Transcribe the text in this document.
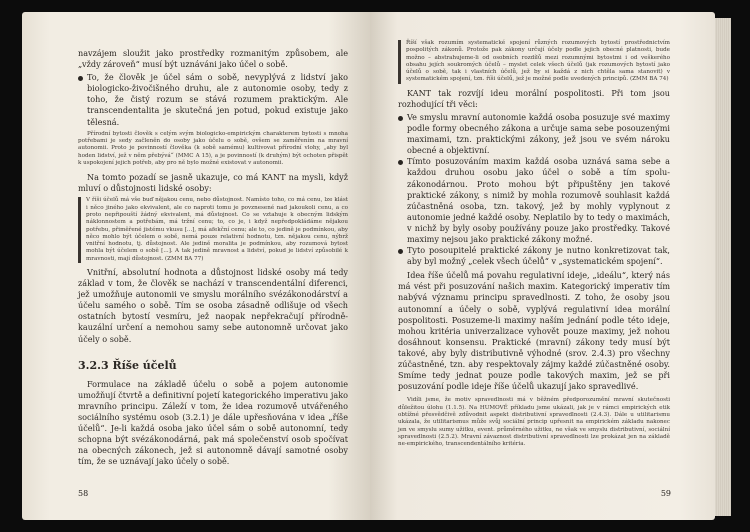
navzájem sloužit jako prostředky rozmanitým způsobem, ale „vždy zároveň“ musí být uznáváni jako účel o sobě.

To, že člověk je účel sám o sobě, nevyplývá z lidství jako biologicko-živočišného druhu, ale z autonomie osoby, tedy z toho, že čistý rozum se stává rozumem praktickým. Ale transcendentalita je skutečná jen potud, pokud existuje jako tělesná.

Přírodní bytosti člověk s celým svým biologicko-empirickým charakterem bytosti s mnoha potřebami je sedy začleněn do osoby jako účelu o sobě, ovšem se zaměřením na mravní autonomii. Proto je povinností člověka (k sobě samému) kultivovat přírodní vlohy, „aby byl hoden lidství, jež v něm přebývá“ (MMC A 15), a je povinností (k druhým) být ochoten přispět k uspokojení jejich potřeb, aby pro ně bylo možné existovat v autonomii.

Na tomto pozadí se jasně ukazuje, co má KANT na mysli, když mluví o důstojnosti lidské osoby:

V říši účelů má vše buď nějakou cenu, nebo důstojnost. Namísto toho, co má cenu, lze klást i něco jiného jako ekvivalent, ale co naproti tomu je povznesené nad jakoukoli cenu, a co proto nepřipouští žádný ekvivalent, má důstojnost. Co se vztahuje k obecným lidským náklonnostem a potřebám, má tržní cenu; to, co je, i když nepředpokládáme nějakou potřebu, přiměřené jistému vkusu [...], má afekční cenu; ale to, co jedině je podmínkou, aby něco mohlo být účelem o sobě, nemá pouze relativní hodnotu, tzn. nějakou cenu, nýbrž vnitřní hodnotu, tj. důstojnost. Ale jedině moralita je podmínkou, aby rozumová bytost mohla být účelem o sobě [...]. A tak jedině mravnost a lidství, pokud je lidství způsobilé k mravnosti, mají důstojnost. (ZMM BA 77)

Vnitřní, absolutní hodnota a důstojnost lidské osoby má tedy základ v tom, že člověk se nachází v transcendentální diferenci, jež umožňuje autonomii ve smyslu morálního svézákonodárství a účelu samého o sobě. Tím se osoba zásadně odlišuje od všech ostatních bytostí vesmíru, jež naopak nepřekračují přírodně-kauzální určení a nemohou samy sebe autonomně určovat jako účely o sobě.

3.2.3 Říše účelů

Formulace na základě účelu o sobě a pojem autonomie umožňují čtvrtě a definitivní pojetí kategorického imperativu jako mravního principu. Záleží v tom, že idea rozumově utvářeného sociálního systému osob (3.2.1) je dále upřesňována v idea „říše účelů“. Je-li každá osoba jako účel sám o sobě autonomní, tedy schopna být svézákonodárná, pak má společenství osob spočívat na obecných zákonech, jež si autonomně dávají samotné osoby tím, že se uznávají jako účely o sobě.

58

Říší však rozumím systematické spojení různých rozumových bytostí prostřednictvím pospolitých zákonů. Protože pak zákony určují účely podle jejich obecné platnosti, bude možno – abstrahujeme-li od osobních rozdílů mezi rozumnými bytostmi i od veškerého obsahu jejích soukromých účelů – myslet celek všech účelů (jak rozumových bytostí jako účelů o sobě, tak i vlastních účelů, jež by si každá z nich chtěla sama stanovit) v systematickém spojení, tzn. říši účelů, jež je možné podle uvedených principů. (ZMM BA 74)

KANT tak rozvíjí ideu morální pospolitosti. Při tom jsou rozhodující tři věci:

Ve smyslu mravní autonomie každá osoba posuzuje své maximy podle formy obecného zákona a určuje sama sebe posouzenými maximami, tzn. praktickými zákony, jež jsou ve svém nároku obecné a objektivní.
Tímto posuzováním maxim každá osoba uznává sama sebe a každou druhou osobu jako účel o sobě a tím spolu-zákonodárnou. Proto mohou být připuštěny jen takové praktické zákony, s nimiž by mohla rozumově souhlasit každá zúčastněná osoba, tzn. takový, jež by mohly vyplynout z autonomie jedné každé osoby. Neplatilo by to tedy o maximách, v nichž by byly osoby používány pouze jako prostředky. Takové maximy nejsou jako praktické zákony možné.
Tyto posoupitelé praktické zákony je nutno konkretizovat tak, aby byl možný „celek všech účelů“ v „systematickém spojení“.

Idea říše účelů má povahu regulativní ideje, „ideálu“, který nás má vést při posuzování našich maxim. Kategorický imperativ tím nabývá významu principu spravedlnosti. Z toho, že osoby jsou autonomní a účely o sobě, vyplývá regulativní idea morální pospolitosti. Posuzeme-li maximy naším jednání podle této ideje, mohou kritéria univerzalizace vyhovět pouze maximy, jež nohou dosáhnout konsensu. Praktické (mravní) zákony tedy musí být takové, aby byly distributivně výhodné (srov. 2.4.3) pro všechny zúčastněné, tzn. aby respektovaly zájmy každé zúčastněné osoby. Smíme tedy jednat pouze podle takových maxim, jež se při posuzování podle ideje říše účelů ukazují jako spravedlivé.

Vidíli jsme, že motiv spravedlnosti má v běžném předporozumění mravní skutečnosti důležitou úlohu (1.1.5). Na HUMOVĚ příkladu jsme ukázali, jak je v rámci empirických etik obtížné přesvědčivě zdůvodnit aspekt distributivní spravedlnosti (2.4.3). Dále u utilitarismu ukázala, že utilitarismus může svůj sociální princip upřesnit na empirickém základu nakonec jen ve smyslu sumy užitku, event. průměrného užitku, ne však ve smyslu distributivní, sociální spravedlnosti (2.5.2). Mravní závaznost distributivní spravedlnosti lze prokázat jen na základě ne-empirického, transcendentálního kritéria.

59
